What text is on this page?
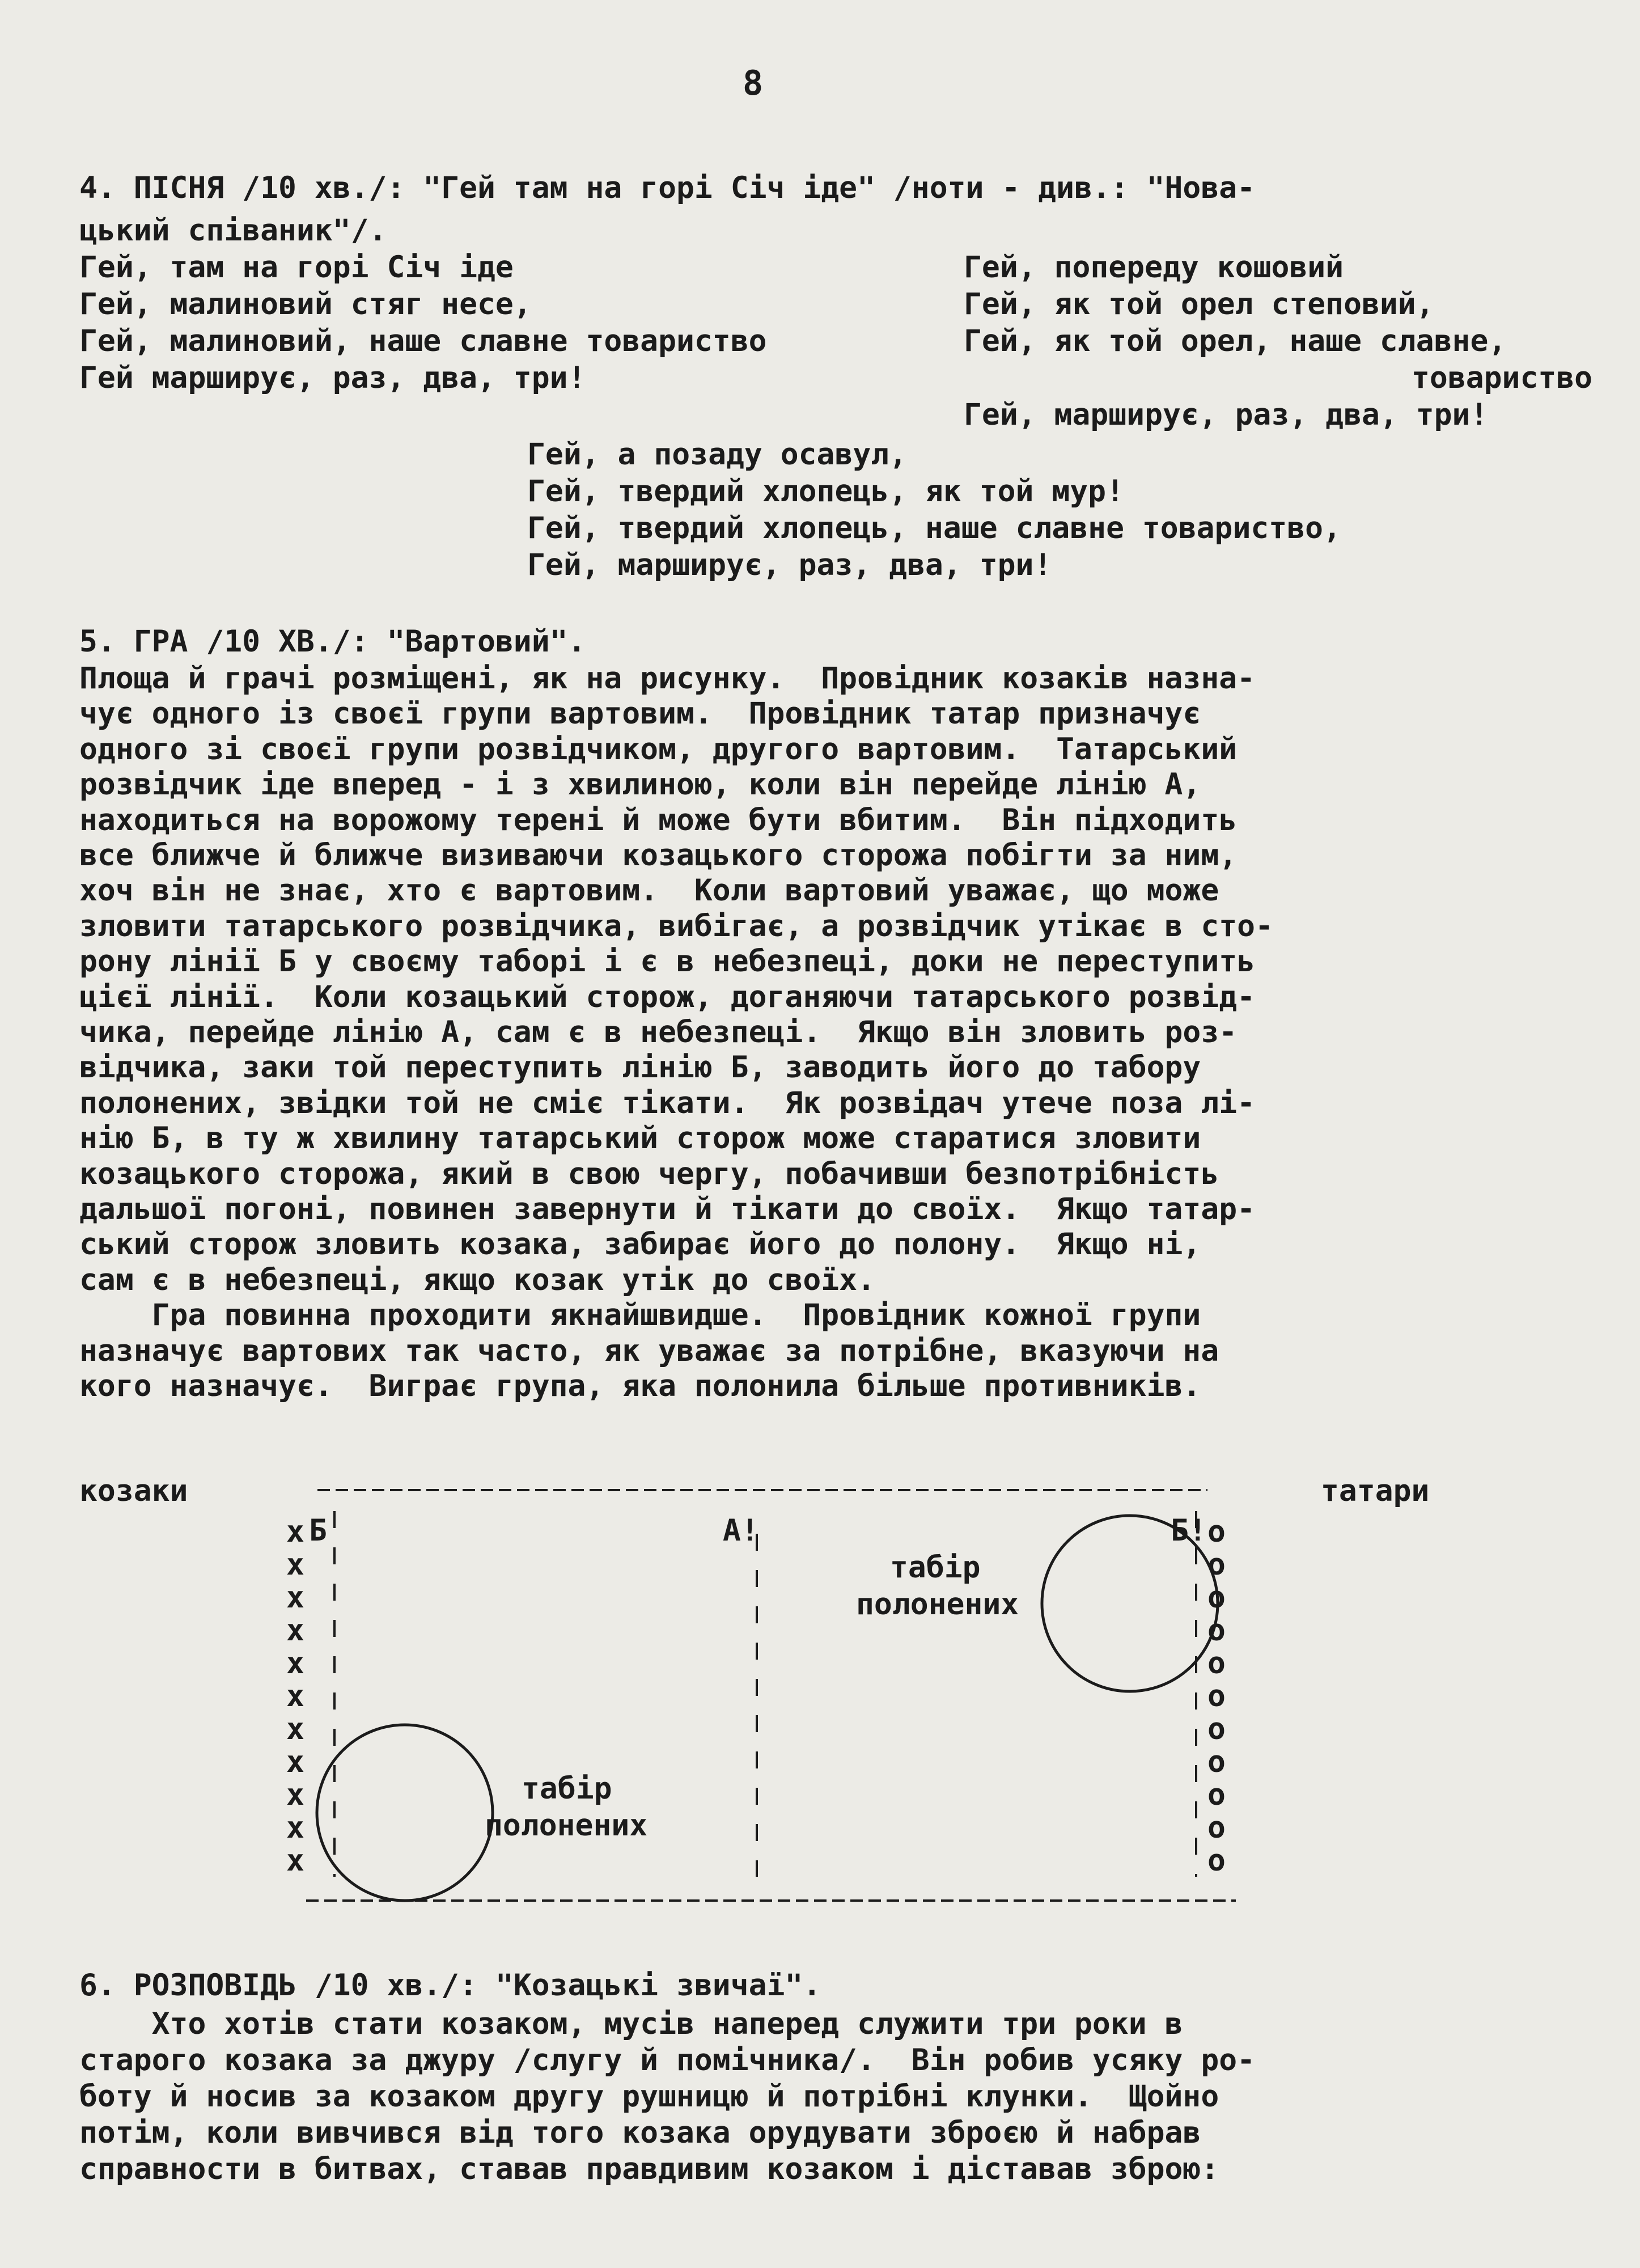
8
4. ПІСНЯ /10 хв./: "Гей там на горі Січ іде" /ноти - див.: "Нова-
цький співаник"/.
Гей, там на горі Січ іде
Гей, малиновий стяг несе,
Гей, малиновий, наше славне товариство
Гей марширує, раз, два, три!
Гей, попереду кошовий
Гей, як той орел степовий,
Гей, як той орел, наше славне,
товариство
Гей, марширує, раз, два, три!
Гей, а позаду осавул,
Гей, твердий хлопець, як той мур!
Гей, твердий хлопець, наше славне товариство,
Гей, марширує, раз, два, три!
5. ГРА /10 ХВ./: "Вартовий".
Площа й грачі розміщені, як на рисунку.  Провідник козаків назна-
чує одного із своєї групи вартовим.  Провідник татар призначує
одного зі своєї групи розвідчиком, другого вартовим.  Татарський
розвідчик іде вперед - і з хвилиною, коли він перейде лінію А,
находиться на ворожому терені й може бути вбитим.  Він підходить
все ближче й ближче визиваючи козацького сторожа побігти за ним,
хоч він не знає, хто є вартовим.  Коли вартовий уважає, що може
зловити татарського розвідчика, вибігає, а розвідчик утікає в сто-
рону лінії Б у своєму таборі і є в небезпеці, доки не переступить
цієї лінії.  Коли козацький сторож, доганяючи татарського розвід-
чика, перейде лінію А, сам є в небезпеці.  Якщо він зловить роз-
відчика, заки той переступить лінію Б, заводить його до табору
полонених, звідки той не сміє тікати.  Як розвідач утече поза лі-
нію Б, в ту ж хвилину татарський сторож може старатися зловити
козацького сторожа, який в свою чергу, побачивши безпотрібність
дальшої погоні, повинен завернути й тікати до своїх.  Якщо татар-
ський сторож зловить козака, забирає його до полону.  Якщо ні,
сам є в небезпеці, якщо козак утік до своїх.
Гра повинна проходити якнайшвидше.  Провідник кожної групи
назначує вартових так часто, як уважає за потрібне, вказуючи на
кого назначує.  Виграє група, яка полонила більше противників.
козаки	татари
Б	А!	Б!
табір
полонених
табір
полонених
x
x
x
x
x
x
x
x
x
x
x
o
o
o
o
o
o
o
o
o
o
o
6. РОЗПОВІДЬ /10 хв./: "Козацькі звичаї".
Хто хотів стати козаком, мусів наперед служити три роки в
старого козака за джуру /слугу й помічника/.  Він робив усяку ро-
боту й носив за козаком другу рушницю й потрібні клунки.  Щойно
потім, коли вивчився від того козака орудувати зброєю й набрав
справности в битвах, ставав правдивим козаком і діставав зброю:
